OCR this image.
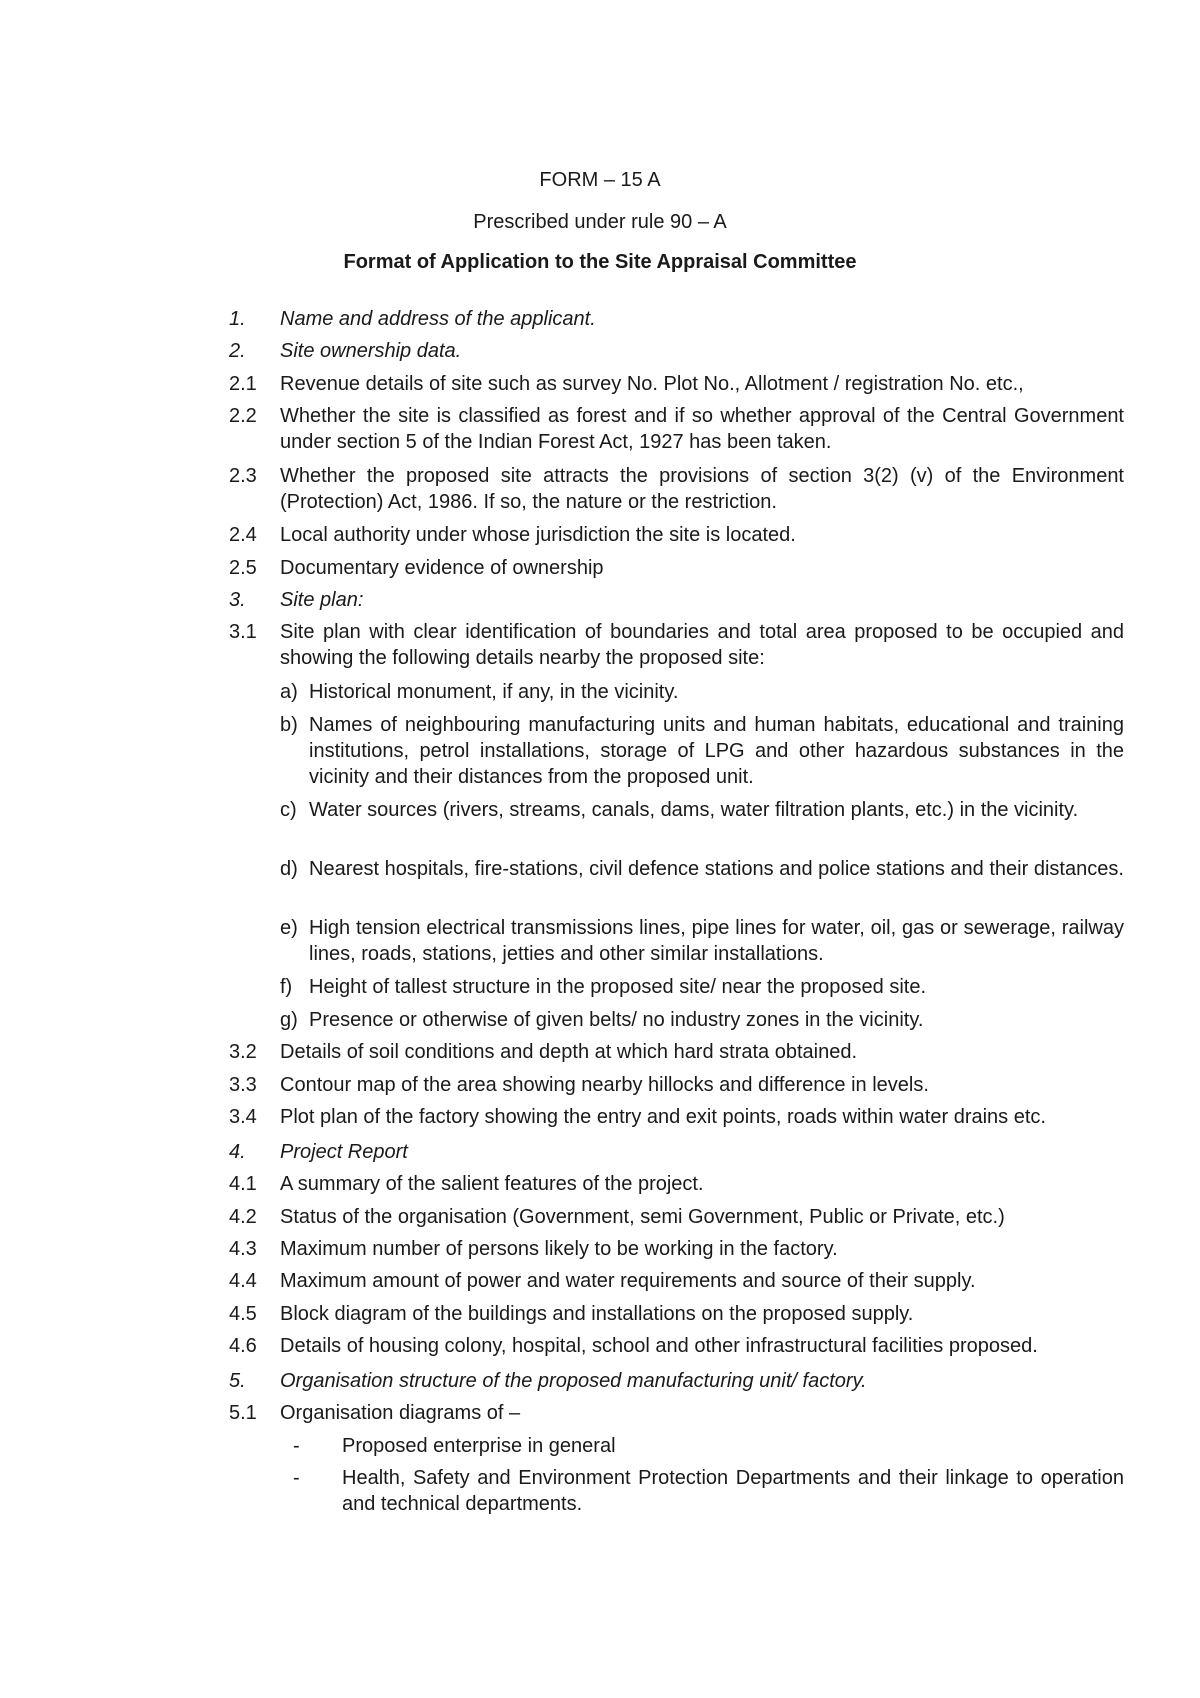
FORM – 15 A
Prescribed under rule 90 – A
Format of Application to the Site Appraisal Committee
1. Name and address of the applicant.
2. Site ownership data.
2.1 Revenue details of site such as survey No. Plot No., Allotment / registration No. etc.,
2.2 Whether the site is classified as forest and if so whether approval of the Central Government under section 5 of the Indian Forest Act, 1927 has been taken.
2.3 Whether the proposed site attracts the provisions of section 3(2) (v) of the Environment (Protection) Act, 1986. If so, the nature or the restriction.
2.4 Local authority under whose jurisdiction the site is located.
2.5 Documentary evidence of ownership
3. Site plan:
3.1 Site plan with clear identification of boundaries and total area proposed to be occupied and showing the following details nearby the proposed site:
a) Historical monument, if any, in the vicinity.
b) Names of neighbouring manufacturing units and human habitats, educational and training institutions, petrol installations, storage of LPG and other hazardous substances in the vicinity and their distances from the proposed unit.
c) Water sources (rivers, streams, canals, dams, water filtration plants, etc.) in the vicinity.
d) Nearest hospitals, fire-stations, civil defence stations and police stations and their distances.
e) High tension electrical transmissions lines, pipe lines for water, oil, gas or sewerage, railway lines, roads, stations, jetties and other similar installations.
f) Height of tallest structure in the proposed site/ near the proposed site.
g) Presence or otherwise of given belts/ no industry zones in the vicinity.
3.2 Details of soil conditions and depth at which hard strata obtained.
3.3 Contour map of the area showing nearby hillocks and difference in levels.
3.4 Plot plan of the factory showing the entry and exit points, roads within water drains etc.
4. Project Report
4.1 A summary of the salient features of the project.
4.2 Status of the organisation (Government, semi Government, Public or Private, etc.)
4.3 Maximum number of persons likely to be working in the factory.
4.4 Maximum amount of power and water requirements and source of their supply.
4.5 Block diagram of the buildings and installations on the proposed supply.
4.6 Details of housing colony, hospital, school and other infrastructural facilities proposed.
5. Organisation structure of the proposed manufacturing unit/ factory.
5.1 Organisation diagrams of –
- Proposed enterprise in general
- Health, Safety and Environment Protection Departments and their linkage to operation and technical departments.
